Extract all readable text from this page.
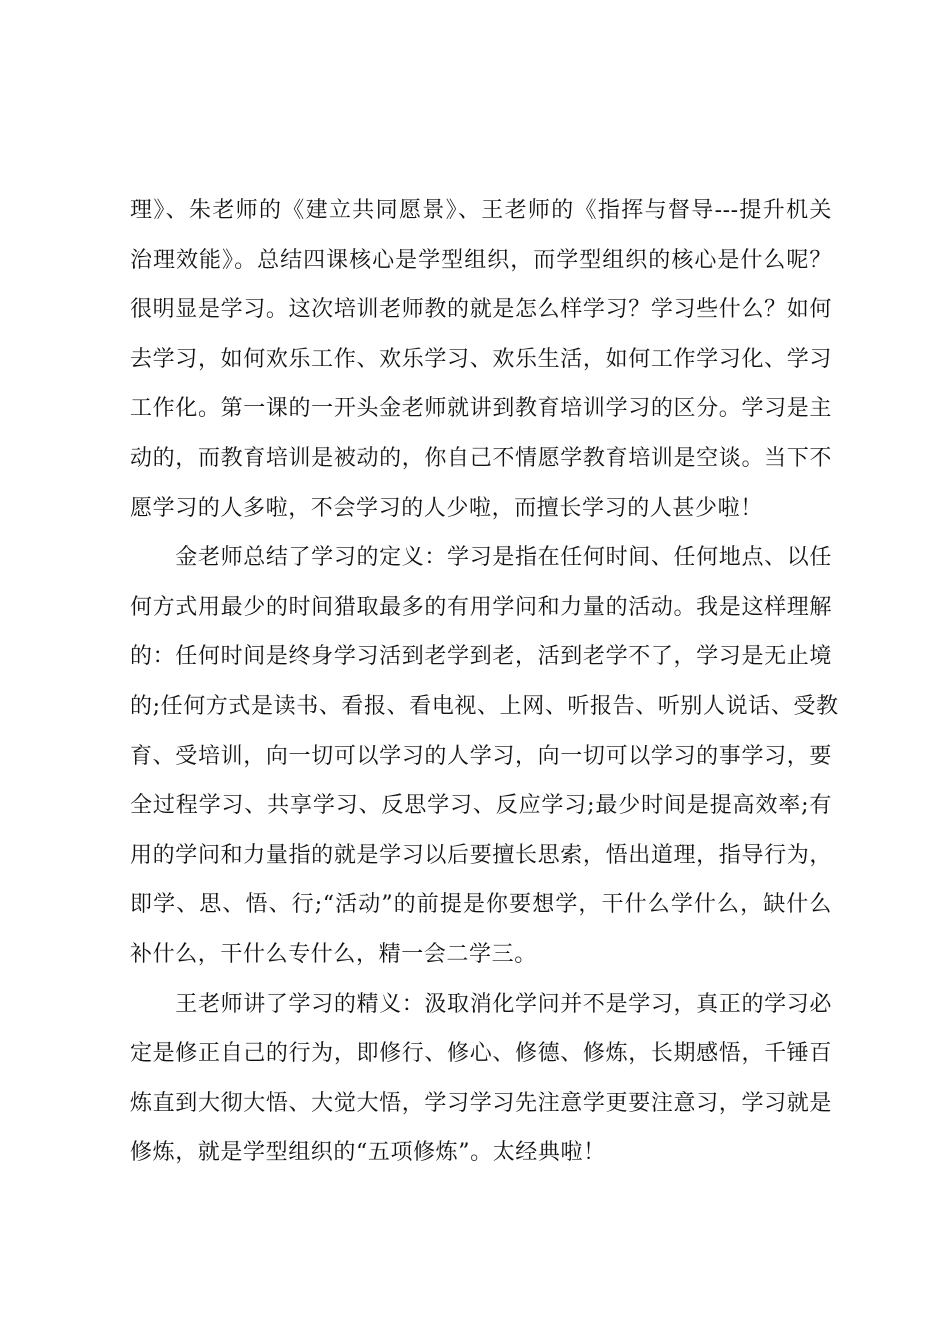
理》、朱老师的《建立共同愿景》、王老师的《指挥与督导---提升机关
治理效能》。总结四课核心是学型组织，而学型组织的核心是什么呢？
很明显是学习。这次培训老师教的就是怎么样学习？学习些什么？如何
去学习，如何欢乐工作、欢乐学习、欢乐生活，如何工作学习化、学习
工作化。第一课的一开头金老师就讲到教育培训学习的区分。学习是主
动的，而教育培训是被动的，你自己不情愿学教育培训是空谈。当下不
愿学习的人多啦，不会学习的人少啦，而擅长学习的人甚少啦！
　　金老师总结了学习的定义：学习是指在任何时间、任何地点、以任
何方式用最少的时间猎取最多的有用学问和力量的活动。我是这样理解
的：任何时间是终身学习活到老学到老，活到老学不了，学习是无止境
的;任何方式是读书、看报、看电视、上网、听报告、听别人说话、受教
育、受培训，向一切可以学习的人学习，向一切可以学习的事学习，要
全过程学习、共享学习、反思学习、反应学习;最少时间是提高效率;有
用的学问和力量指的就是学习以后要擅长思索，悟出道理，指导行为，
即学、思、悟、行;“活动”的前提是你要想学，干什么学什么，缺什么
补什么，干什么专什么，精一会二学三。
　　王老师讲了学习的精义：汲取消化学问并不是学习，真正的学习必
定是修正自己的行为，即修行、修心、修德、修炼，长期感悟，千锤百
炼直到大彻大悟、大觉大悟，学习学习先注意学更要注意习，学习就是
修炼，就是学型组织的“五项修炼”。太经典啦！
